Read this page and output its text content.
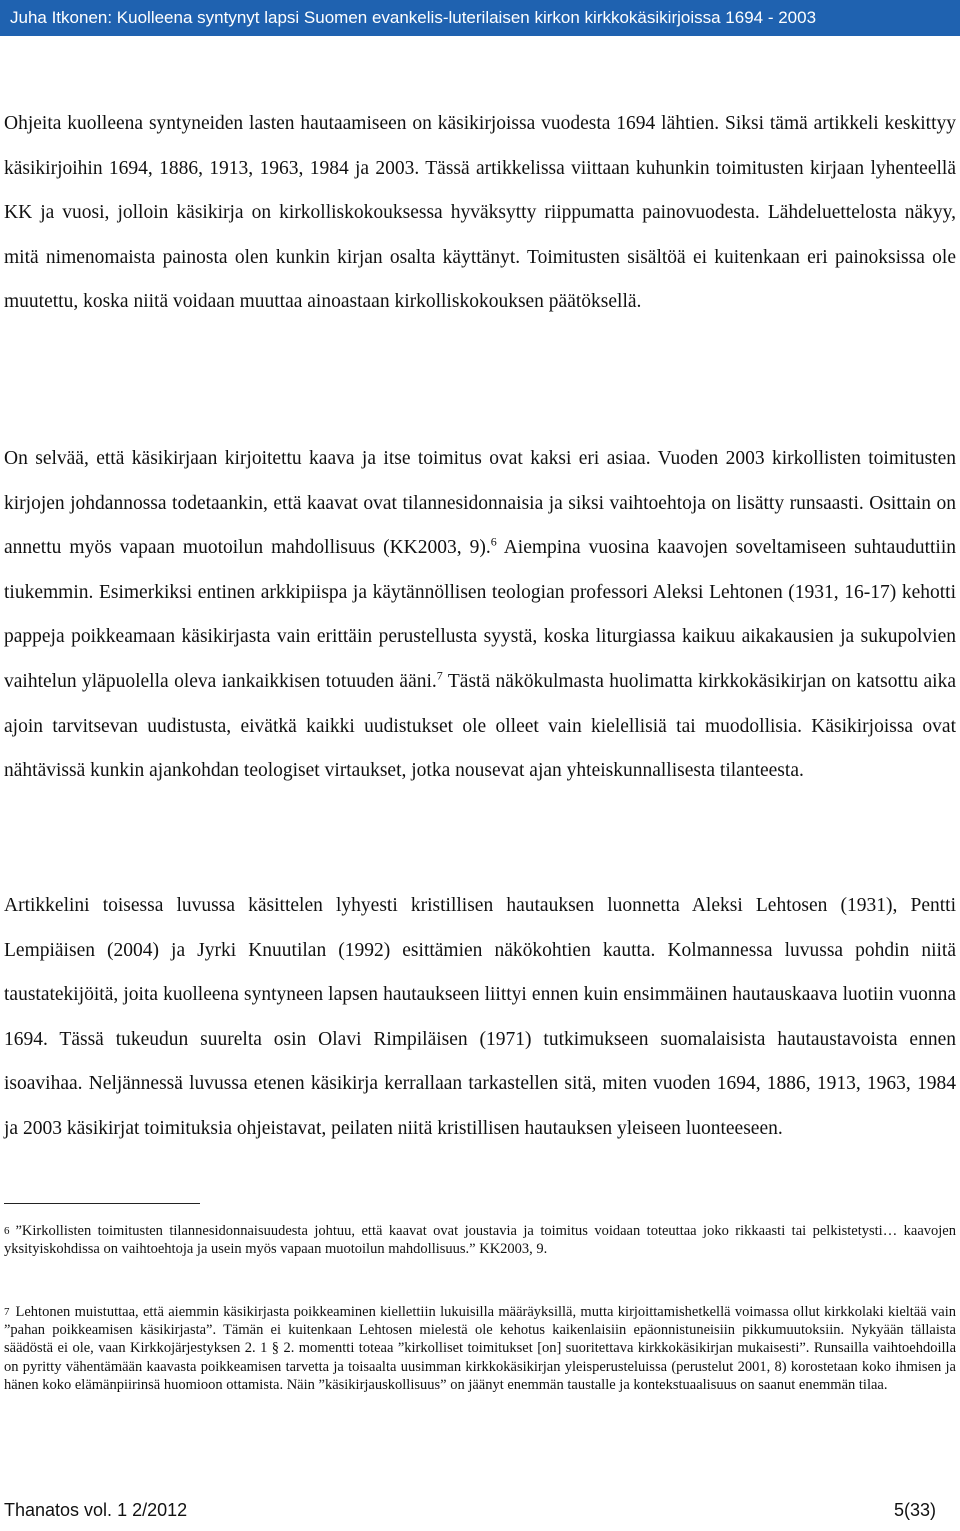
Juha Itkonen: Kuolleena syntynyt lapsi Suomen evankelis-luterilaisen kirkon kirkkokäsikirjoissa 1694 - 2003

Ohjeita kuolleena syntyneiden lasten hautaamiseen on käsikirjoissa vuodesta 1694 lähtien. Siksi tämä artikkeli keskittyy käsikirjoihin 1694, 1886, 1913, 1963, 1984 ja 2003. Tässä artikkelissa viittaan kuhunkin toimitusten kirjaan lyhenteellä KK ja vuosi, jolloin käsikirja on kirkolliskokouksessa hyväksytty riippumatta painovuodesta. Lähdeluettelosta näkyy, mitä nimenomaista painosta olen kunkin kirjan osalta käyttänyt. Toimitusten sisältöä ei kuitenkaan eri painoksissa ole muutettu, koska niitä voidaan muuttaa ainoastaan kirkolliskokouksen päätöksellä.

On selvää, että käsikirjaan kirjoitettu kaava ja itse toimitus ovat kaksi eri asiaa. Vuoden 2003 kirkollisten toimitusten kirjojen johdannossa todetaankin, että kaavat ovat tilannesidonnaisia ja siksi vaihtoehtoja on lisätty runsaasti. Osittain on annettu myös vapaan muotoilun mahdollisuus (KK2003, 9).$^6$ Aiempina vuosina kaavojen soveltamiseen suhtauduttiin tiukemmin. Esimerkiksi entinen arkkipiispa ja käytännöllisen teologian professori Aleksi Lehtonen (1931, 16-17) kehotti pappeja poikkeamaan käsikirjasta vain erittäin perustellusta syystä, koska liturgiassa kaikuu aikakausien ja sukupolvien vaihtelun yläpuolella oleva iankaikkisen totuuden ääni.$^7$ Tästä näkökulmasta huolimatta kirkkokäsikirjan on katsottu aika ajoin tarvitsevan uudistusta, eivätkä kaikki uudistukset ole olleet vain kielellisiä tai muodollisia. Käsikirjoissa ovat nähtävissä kunkin ajankohdan teologiset virtaukset, jotka nousevat ajan yhteiskunnallisesta tilanteesta.

Artikkelini toisessa luvussa käsittelen lyhyesti kristillisen hautauksen luonnetta Aleksi Lehtosen (1931), Pentti Lempiäisen (2004) ja Jyrki Knuutilan (1992) esittämien näkökohtien kautta. Kolmannessa luvussa pohdin niitä taustatekijöitä, joita kuolleena syntyneen lapsen hautaukseen liittyi ennen kuin ensimmäinen hautauskaava luotiin vuonna 1694. Tässä tukeudun suurelta osin Olavi Rimpiläisen (1971) tutkimukseen suomalaisista hautaustavoista ennen isoavihaa. Neljännessä luvussa etenen käsikirja kerrallaan tarkastellen sitä, miten vuoden 1694, 1886, 1913, 1963, 1984 ja 2003 käsikirjat toimituksia ohjeistavat, peilaten niitä kristillisen hautauksen yleiseen luonteeseen.

$^6$ ”Kirkollisten toimitusten tilannesidonnaisuudesta johtuu, että kaavat ovat joustavia ja toimitus voidaan toteuttaa joko rikkaasti tai pelkistetysti… kaavojen yksityiskohdissa on vaihtoehtoja ja usein myös vapaan muotoilun mahdollisuus.” KK2003, 9.

$^7$ Lehtonen muistuttaa, että aiemmin käsikirjasta poikkeaminen kiellettiin lukuisilla määräyksillä, mutta kirjoittamishetkellä voimassa ollut kirkkolaki kieltää vain ”pahan poikkeamisen käsikirjasta”. Tämän ei kuitenkaan Lehtosen mielestä ole kehotus kaikenlaisiin epäonnistuneisiin pikkumuutoksiin. Nykyään tällaista säädöstä ei ole, vaan Kirkkojärjestyksen 2. 1 § 2. momentti toteaa ”kirkolliset toimitukset [on] suoritettava kirkkokäsikirjan mukaisesti”. Runsailla vaihtoehdoilla on pyritty vähentämään kaavasta poikkeamisen tarvetta ja toisaalta uusimman kirkkokäsikirjan yleisperusteluissa (perustelut 2001, 8) korostetaan koko ihmisen ja hänen koko elämänpiirinsä huomioon ottamista. Näin ”käsikirjauskollisuus” on jäänyt enemmän taustalle ja kontekstuaalisuus on saanut enemmän tilaa.

Thanatos vol. 1 2/2012	5(33)
